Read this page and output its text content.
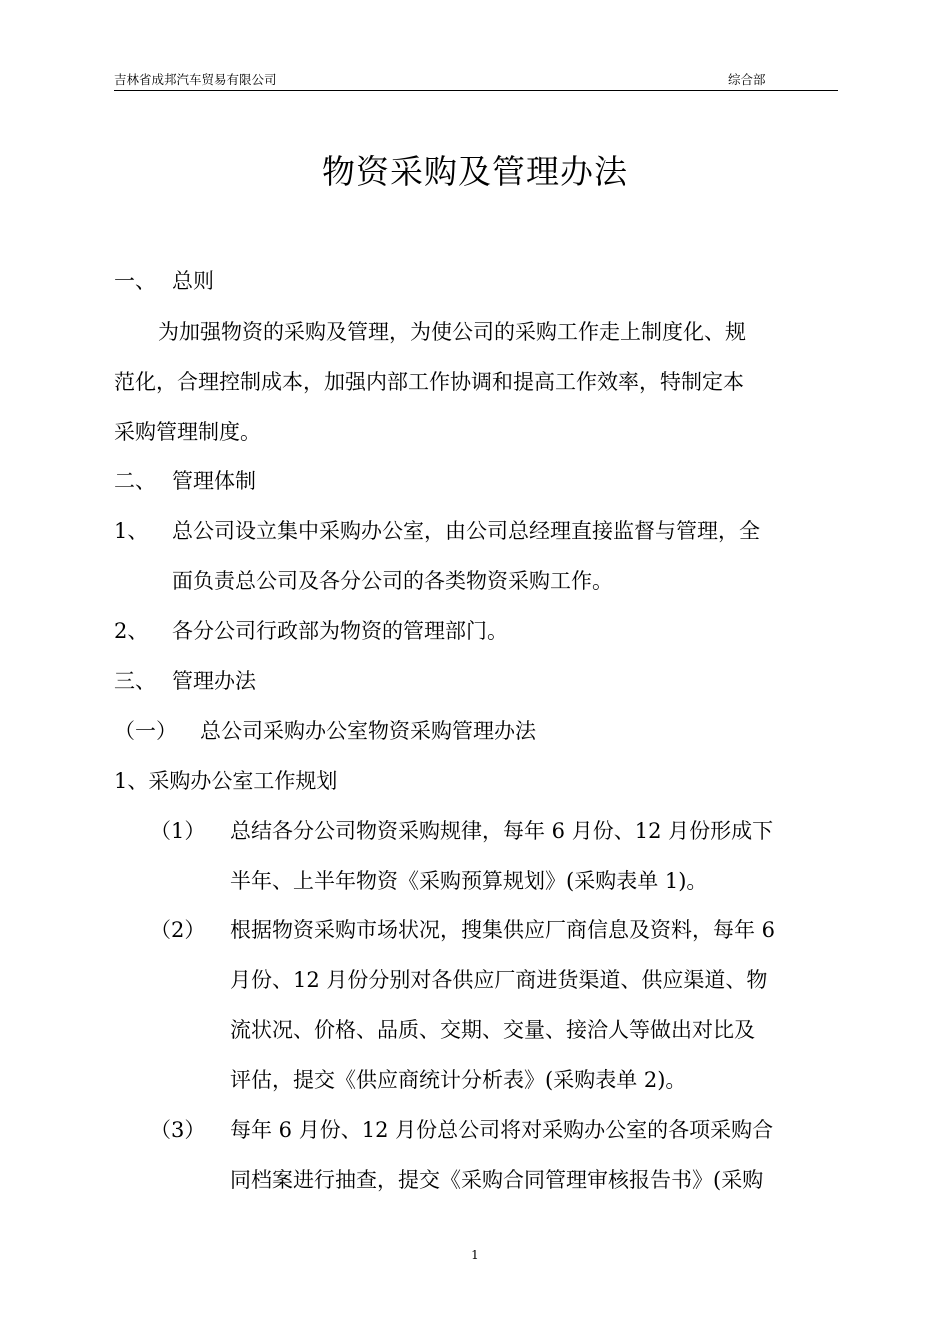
吉林省成邦汽车贸易有限公司	综合部
物资采购及管理办法
一、 总则
为加强物资的采购及管理，为使公司的采购工作走上制度化、规
范化，合理控制成本，加强内部工作协调和提高工作效率，特制定本
采购管理制度。
二、 管理体制
1、 总公司设立集中采购办公室，由公司总经理直接监督与管理，全
面负责总公司及各分公司的各类物资采购工作。
2、 各分公司行政部为物资的管理部门。
三、 管理办法
（一） 总公司采购办公室物资采购管理办法
1、采购办公室工作规划
（1） 总结各分公司物资采购规律，每年 6 月份、12 月份形成下
半年、上半年物资《采购预算规划》(采购表单 1)。
（2） 根据物资采购市场状况，搜集供应厂商信息及资料，每年 6
月份、12 月份分别对各供应厂商进货渠道、供应渠道、物
流状况、价格、品质、交期、交量、接洽人等做出对比及
评估，提交《供应商统计分析表》(采购表单 2)。
（3） 每年 6 月份、12 月份总公司将对采购办公室的各项采购合
同档案进行抽查，提交《采购合同管理审核报告书》(采购
1
